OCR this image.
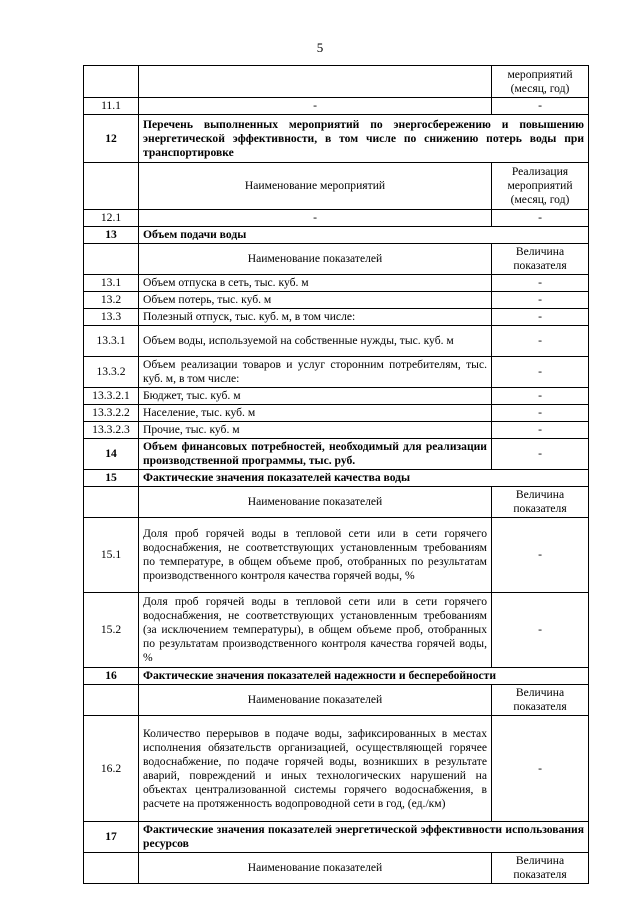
5
		мероприятий (месяц, год)
11.1	-	-
12	Перечень выполненных мероприятий по энергосбережению и повышению энергетической эффективности, в том числе по снижению потерь воды при транспортировке	
	Наименование мероприятий	Реализация мероприятий (месяц, год)
12.1	-	-
13	Объем подачи воды	
	Наименование показателей	Величина показателя
13.1	Объем отпуска в сеть, тыс. куб. м	-
13.2	Объем потерь, тыс. куб. м	-
13.3	Полезный отпуск, тыс. куб. м, в том числе:	-
13.3.1	Объем воды, используемой на собственные нужды, тыс. куб. м	-
13.3.2	Объем реализации товаров и услуг сторонним потребителям, тыс. куб. м, в том числе:	-
13.3.2.1	Бюджет, тыс. куб. м	-
13.3.2.2	Население, тыс. куб. м	-
13.3.2.3	Прочие, тыс. куб. м	-
14	Объем финансовых потребностей, необходимый для реализации производственной программы, тыс. руб.	-
15	Фактические значения показателей качества воды	
	Наименование показателей	Величина показателя
15.1	Доля проб горячей воды в тепловой сети или в сети горячего водоснабжения, не соответствующих установленным требованиям по температуре, в общем объеме проб, отобранных по результатам производственного контроля качества горячей воды, %	-
15.2	Доля проб горячей воды в тепловой сети или в сети горячего водоснабжения, не соответствующих установленным требованиям (за исключением температуры), в общем объеме проб, отобранных по результатам производственного контроля качества горячей воды, %	-
16	Фактические значения показателей надежности и бесперебойности	
	Наименование показателей	Величина показателя
16.2	Количество перерывов в подаче воды, зафиксированных в местах исполнения обязательств организацией, осуществляющей горячее водоснабжение, по подаче горячей воды, возникших в результате аварий, повреждений и иных технологических нарушений на объектах централизованной системы горячего водоснабжения, в расчете на протяженность водопроводной сети в год, (ед./км)	-
17	Фактические значения показателей энергетической эффективности использования ресурсов	
	Наименование показателей	Величина показателя
